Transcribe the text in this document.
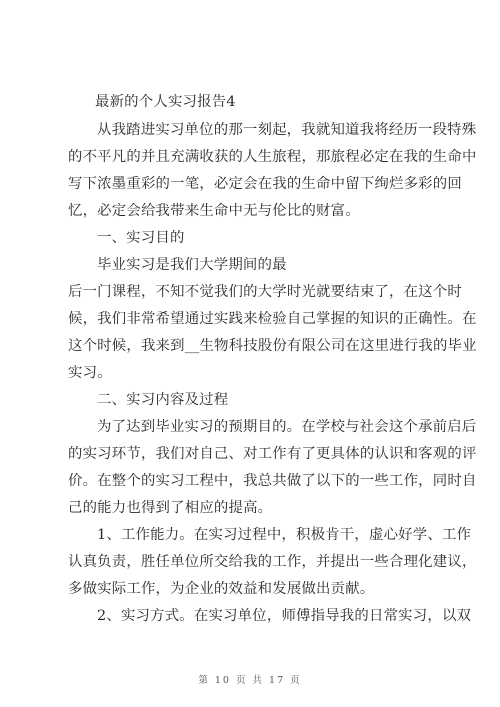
最新的个人实习报告4
从我踏进实习单位的那一刻起，我就知道我将经历一段特殊
的不平凡的并且充满收获的人生旅程，那旅程必定在我的生命中
写下浓墨重彩的一笔，必定会在我的生命中留下绚烂多彩的回
忆，必定会给我带来生命中无与伦比的财富。
一、实习目的
毕业实习是我们大学期间的最
后一门课程，不知不觉我们的大学时光就要结束了，在这个时
候，我们非常希望通过实践来检验自己掌握的知识的正确性。在
这个时候，我来到__生物科技股份有限公司在这里进行我的毕业
实习。
二、实习内容及过程
为了达到毕业实习的预期目的。在学校与社会这个承前启后
的实习环节，我们对自己、对工作有了更具体的认识和客观的评
价。在整个的实习工程中，我总共做了以下的一些工作，同时自
己的能力也得到了相应的提高。
1、工作能力。在实习过程中，积极肯干，虚心好学、工作
认真负责，胜任单位所交给我的工作，并提出一些合理化建议，
多做实际工作，为企业的效益和发展做出贡献。
2、实习方式。在实习单位，师傅指导我的日常实习，以双
第 10 页 共 17 页
